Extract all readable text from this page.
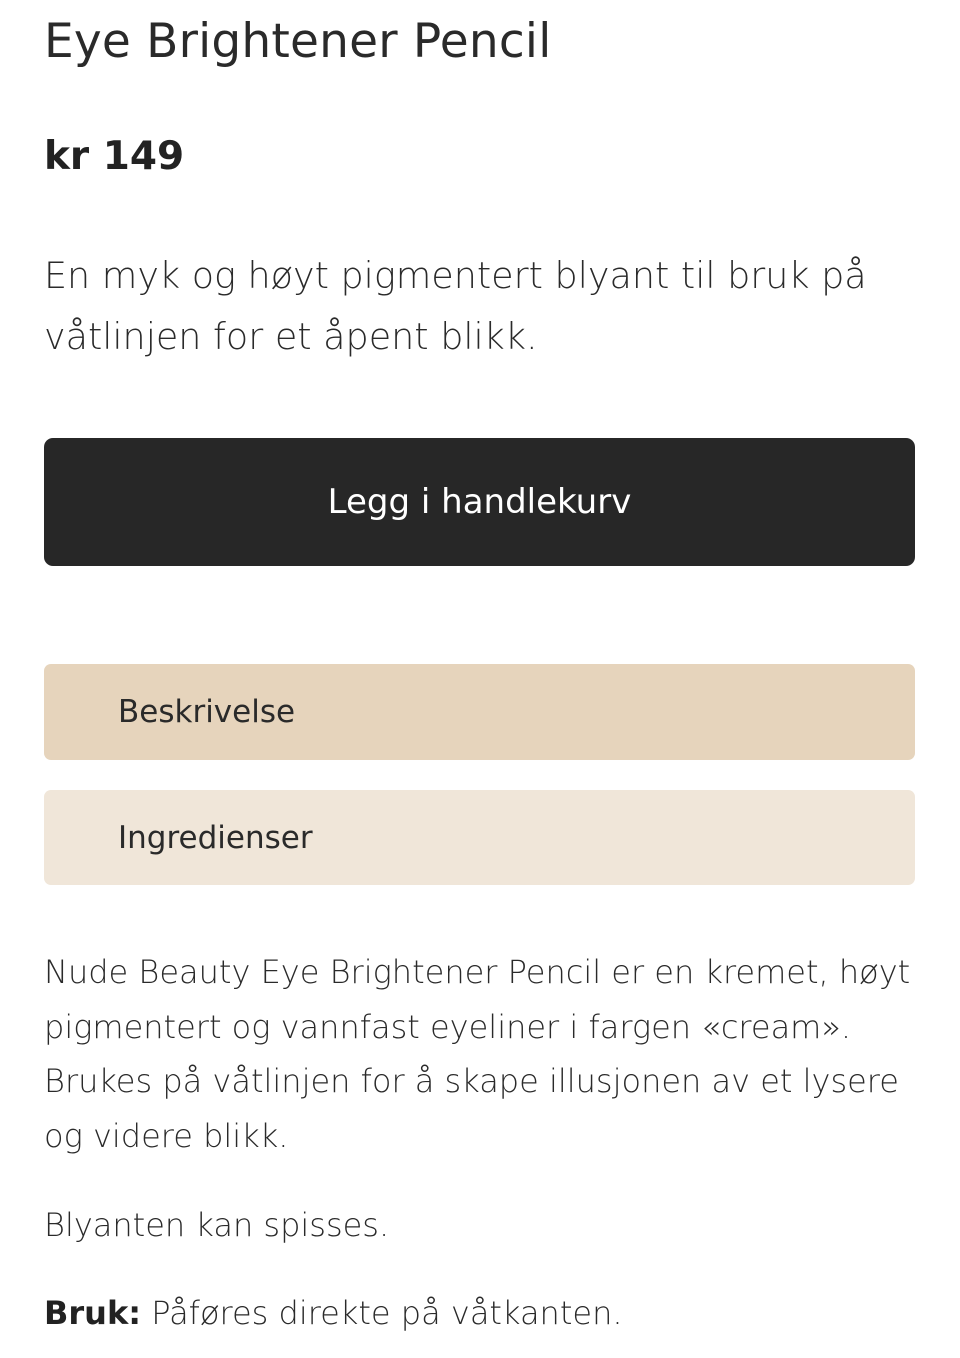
Eye Brightener Pencil
kr 149

En myk og høyt pigmentert blyant til bruk på våtlinjen for et åpent blikk.

Legg i handlekurv
Beskrivelse
Ingredienser

Nude Beauty Eye Brightener Pencil er en kremet, høyt pigmentert og vannfast eyeliner i fargen «cream». Brukes på våtlinjen for å skape illusjonen av et lysere og videre blikk.

Blyanten kan spisses.

Bruk: Påføres direkte på våtkanten.
